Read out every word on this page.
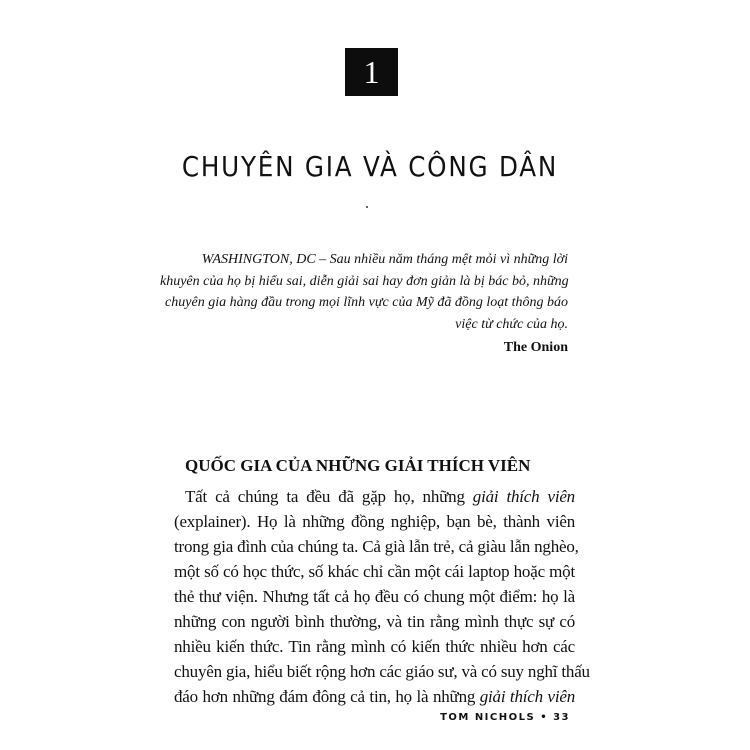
1
CHUYÊN GIA VÀ CÔNG DÂN
WASHINGTON, DC – Sau nhiều năm tháng mệt mỏi vì những lời
khuyên của họ bị hiểu sai, diễn giải sai hay đơn giản là bị bác bỏ, những
chuyên gia hàng đầu trong mọi lĩnh vực của Mỹ đã đồng loạt thông báo
việc từ chức của họ.
The Onion
QUỐC GIA CỦA NHỮNG GIẢI THÍCH VIÊN
Tất cả chúng ta đều đã gặp họ, những giải thích viên
(explainer). Họ là những đồng nghiệp, bạn bè, thành viên
trong gia đình của chúng ta. Cả già lẫn trẻ, cả giàu lẫn nghèo,
một số có học thức, số khác chỉ cần một cái laptop hoặc một
thẻ thư viện. Nhưng tất cả họ đều có chung một điểm: họ là
những con người bình thường, và tin rằng mình thực sự có
nhiều kiến thức. Tin rằng mình có kiến thức nhiều hơn các
chuyên gia, hiểu biết rộng hơn các giáo sư, và có suy nghĩ thấu
đáo hơn những đám đông cả tin, họ là những giải thích viên
TOM NICHOLS • 33
